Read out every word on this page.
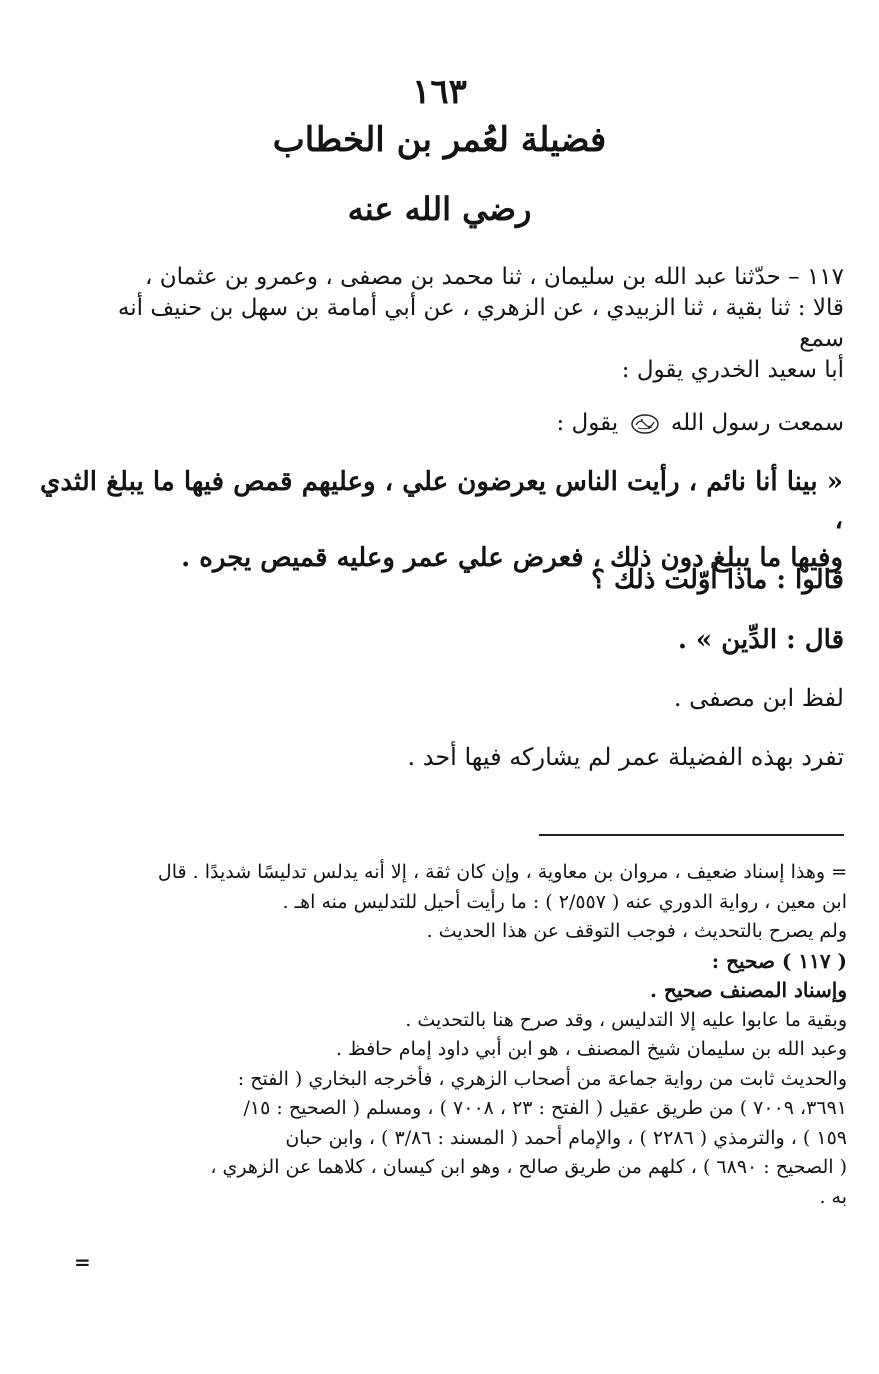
١٦٣
فضيلة لعُمر بن الخطاب
رضي الله عنه
١١٧ – حدّثنا عبد الله بن سليمان ، ثنا محمد بن مصفى ، وعمرو بن عثمان ،
قالا : ثنا بقية ، ثنا الزبيدي ، عن الزهري ، عن أبي أمامة بن سهل بن حنيف أنه سمع
أبا سعيد الخدري يقول :
سمعت رسول الله  يقول :
« بينا أنا نائم ، رأيت الناس يعرضون علي ، وعليهم قمص فيها ما يبلغ الثدي ،
وفيها ما يبلغ دون ذلك ، فعرض علي عمر وعليه قميص يجره .
قالوا : ماذا أوّلت ذلك ؟
قال : الدِّين » .
لفظ ابن مصفى .
تفرد بهذه الفضيلة عمر لم يشاركه فيها أحد .
= وهذا إسناد ضعيف ، مروان بن معاوية ، وإن كان ثقة ، إلا أنه يدلس تدليسًا شديدًا . قال
ابن معين ، رواية الدوري عنه ( ٢/٥٥٧ ) : ما رأيت أحيل للتدليس منه اهـ .
ولم يصرح بالتحديث ، فوجب التوقف عن هذا الحديث .
( ١١٧ ) صحيح :
وإسناد المصنف صحيح .
وبقية ما عابوا عليه إلا التدليس ، وقد صرح هنا بالتحديث .
وعبد الله بن سليمان شيخ المصنف ، هو ابن أبي داود إمام حافظ .
والحديث ثابت من رواية جماعة من أصحاب الزهري ، فأخرجه البخاري ( الفتح :
٣٦٩١، ٧٠٠٩ ) من طريق عقيل ( الفتح : ٢٣ ، ٧٠٠٨ ) ، ومسلم ( الصحيح : ١٥/
١٥٩ ) ، والترمذي ( ٢٢٨٦ ) ، والإمام أحمد ( المسند : ٣/٨٦ ) ، وابن حبان
( الصحيح : ٦٨٩٠ ) ، كلهم من طريق صالح ، وهو ابن كيسان ، كلاهما عن الزهري ،
به .
=
